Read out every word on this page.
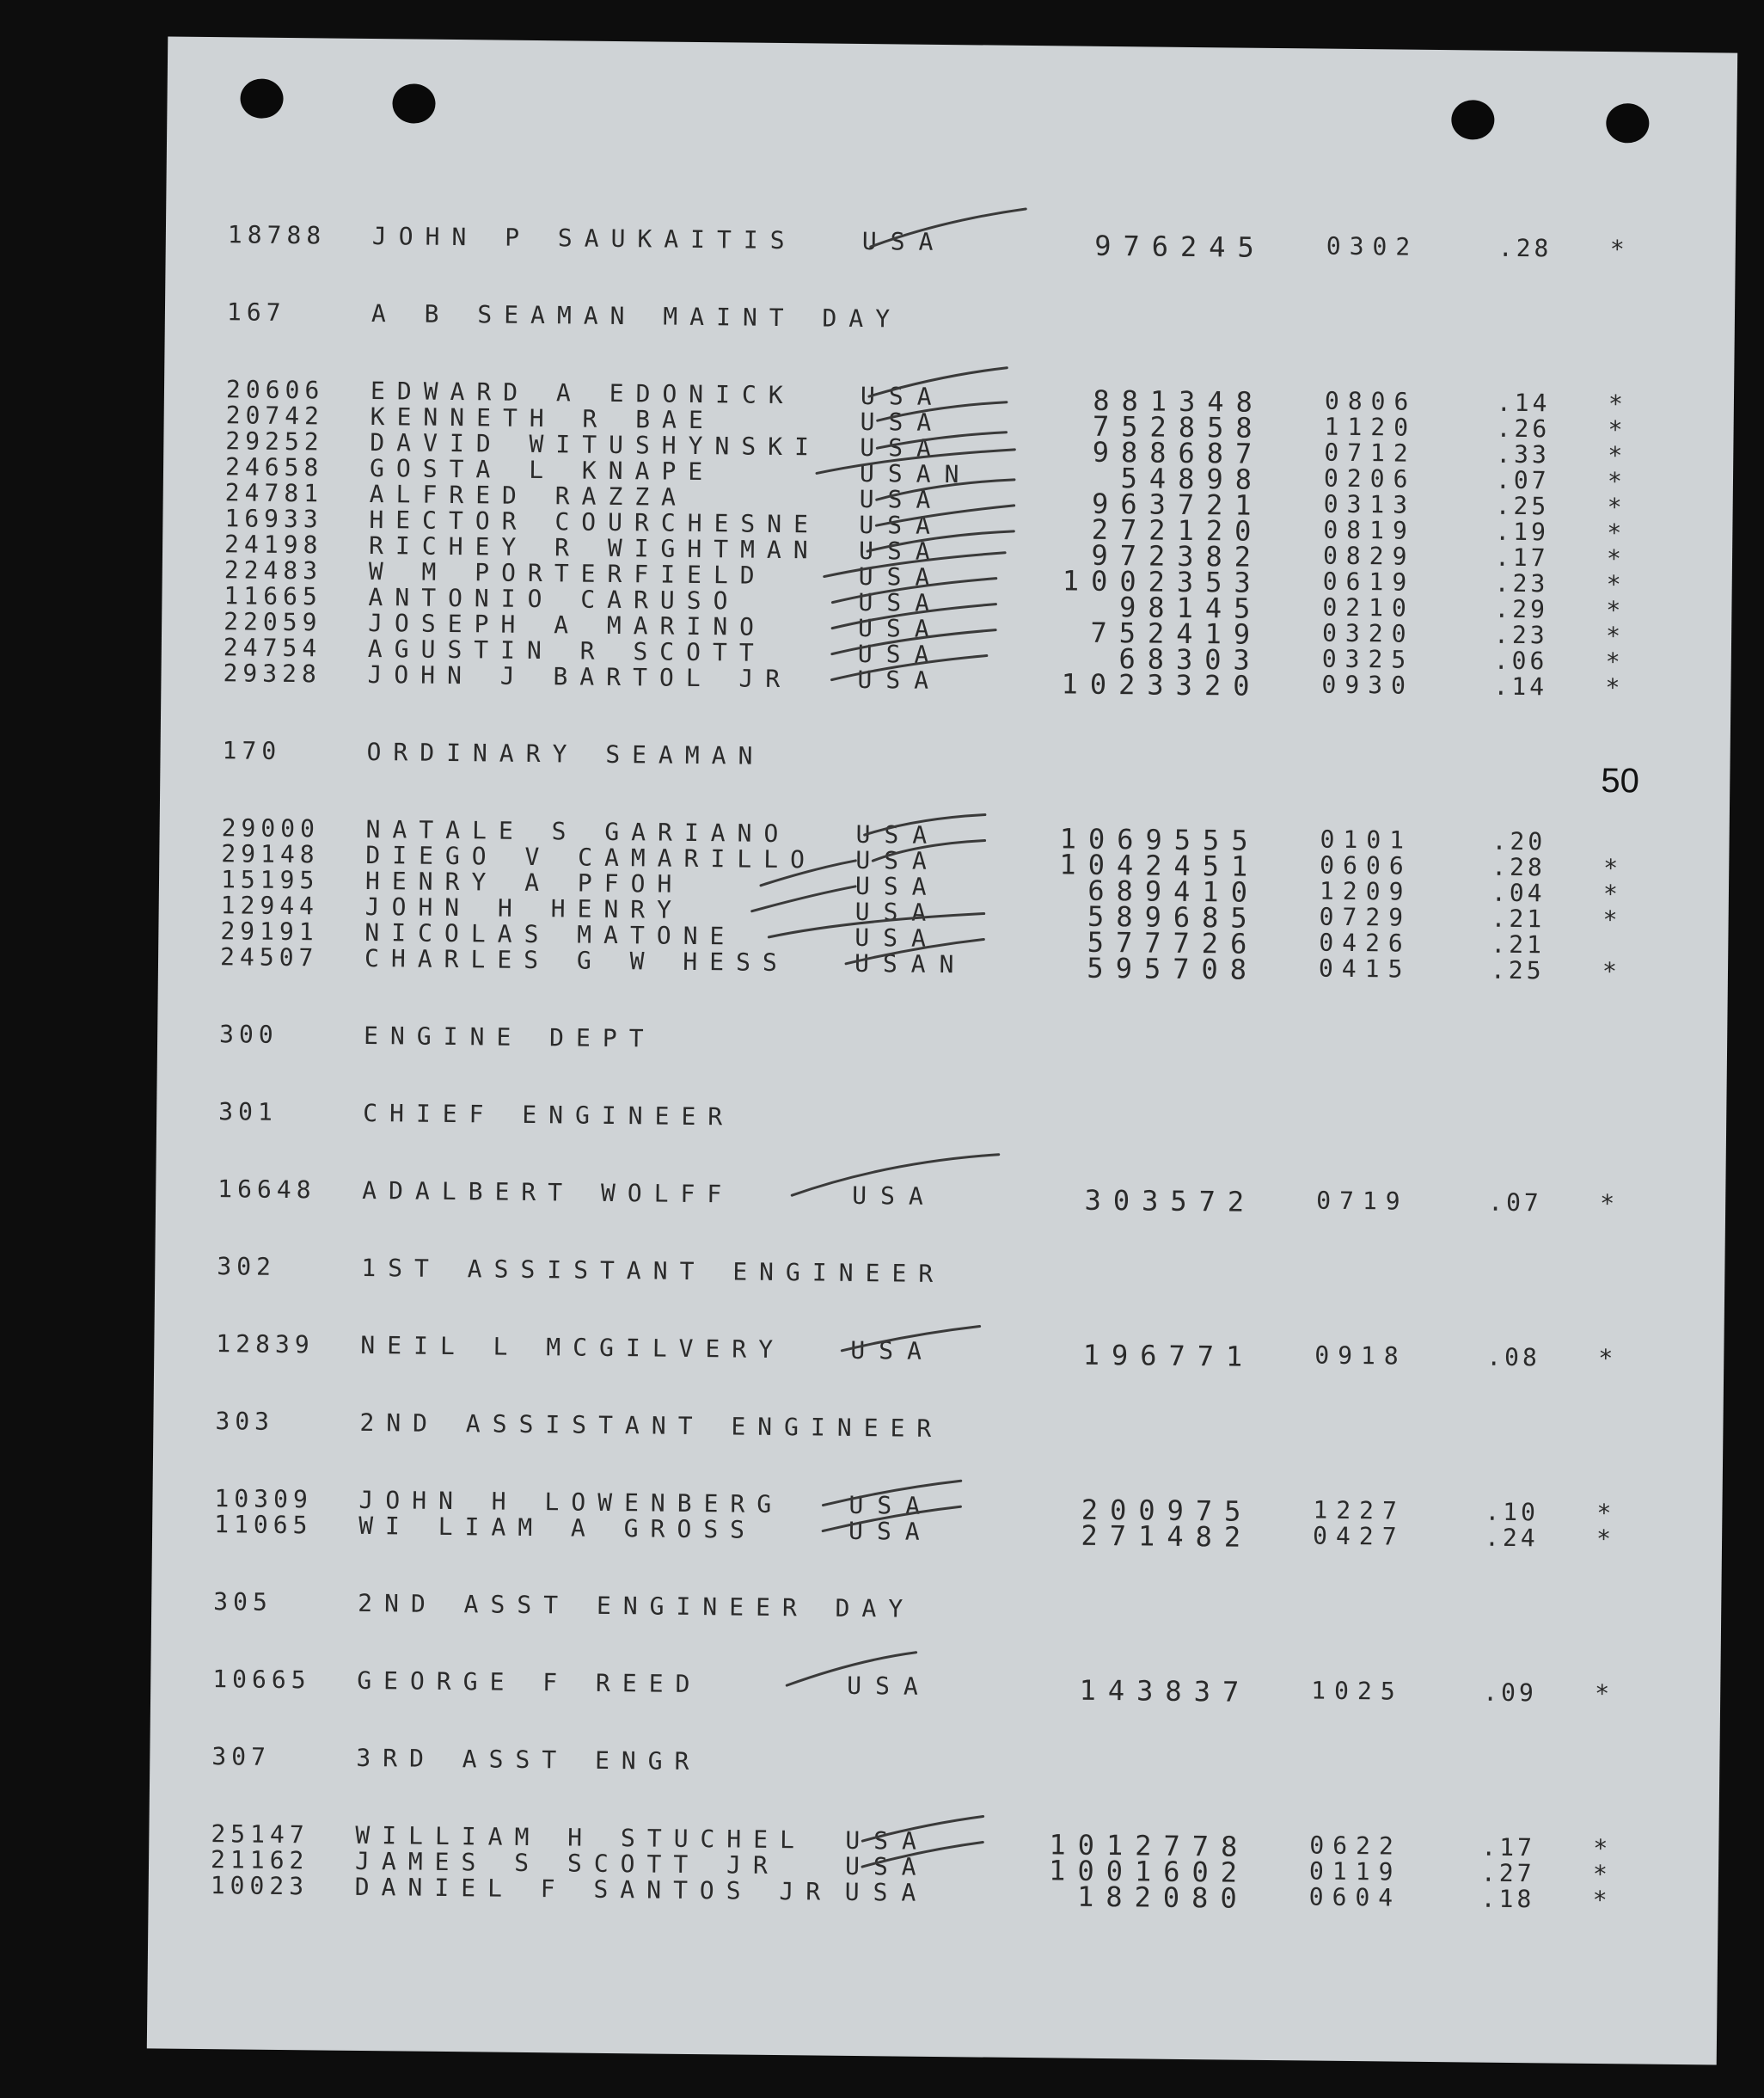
50
18788	JOHN P SAUKAITIS	USA	976245 0302	.28 *
167	A B SEAMAN MAINT DAY
20606	EDWARD A EDONICK	USA	881348 0806	.14 *
20742	KENNETH R BAE	USA	752858 1120	.26 *
29252	DAVID WITUSHYNSKI USA	988687 0712	.33 *
24658	GOSTA L KNAPE	USAN	54898 0206	.07 *
24781	ALFRED RAZZA	USA	963721 0313	.25 *
16933	HECTOR COURCHESNE USA	272120 0819	.19 *
24198	RICHEY R WIGHTMAN USA	972382 0829	.17 *
22483	W M PORTERFIELD	USA	1002353 0619	.23 *
11665	ANTONIO CARUSO	USA	98145 0210	.29 *
22059	JOSEPH A MARINO	USA	752419 0320	.23 *
24754	AGUSTIN R SCOTT	USA	68303 0325	.06 *
29328	JOHN J BARTOL JR	USA	1023320 0930	.14 *
170	ORDINARY SEAMAN
29000	NATALE S GARIANO	USA	1069555 0101	.20
29148	DIEGO V CAMARILLO USA	1042451 0606	.28 *
15195	HENRY A PFOH	USA	689410 1209	.04 *
12944	JOHN H HENRY	USA	589685 0729	.21 *
29191	NICOLAS MATONE	USA	577726 0426	.21
24507	CHARLES G W HESS	USAN	595708 0415	.25 *
300	ENGINE DEPT
301	CHIEF ENGINEER
16648	ADALBERT WOLFF	USA	303572 0719	.07 *
302	1ST ASSISTANT ENGINEER
12839	NEIL L MCGILVERY	USA	196771 0918	.08 *
303	2ND ASSISTANT ENGINEER
10309	JOHN H LOWENBERG	USA	200975 1227	.10 *
11065	WI LIAM A GROSS	USA	271482 0427	.24 *
305	2ND ASST ENGINEER DAY
10665	GEORGE F REED	USA	143837 1025	.09 *
307	3RD ASST ENGR
25147	WILLIAM H STUCHEL USA	1012778 0622	.17 *
21162	JAMES S SCOTT JR	USA	1001602 0119	.27 *
10023	DANIEL F SANTOS JR USA	182080 0604	.18 *
